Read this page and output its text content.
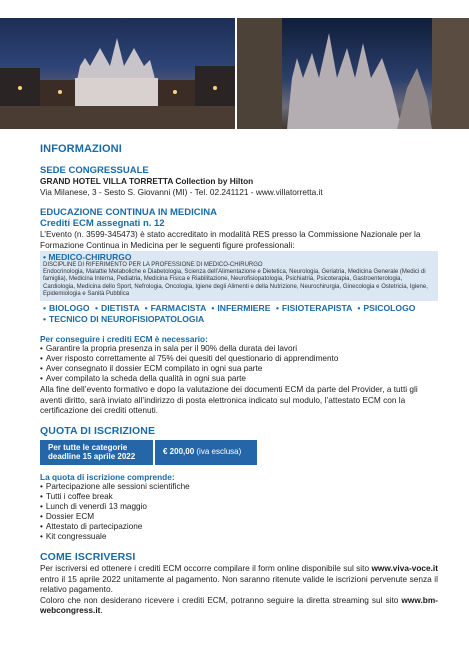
INFORMAZIONI
SEDE CONGRESSUALE
GRAND HOTEL VILLA TORRETTA Collection by Hilton
Via Milanese, 3 - Sesto S. Giovanni (MI) - Tel. 02.241121 - www.villatorretta.it
EDUCAZIONE CONTINUA IN MEDICINA
Crediti ECM assegnati n. 12
L’Evento (n. 3599-345473) è stato accreditato in modalità RES presso la Commissione Nazionale per la Formazione Continua in Medicina per le seguenti figure professionali:
• MEDICO-CHIRURGO
DISCIPLINE DI RIFERIMENTO PER LA PROFESSIONE DI MEDICO-CHIRURGO
Endocrinologia, Malattie Metaboliche e Diabetologia, Scienza dell’Alimentazione e Dietetica, Neurologia, Geriatria, Medicina Generale (Medici di famiglia), Medicina Interna, Pediatria, Medicina Fisica e Riabilitazione, Neurofisiopatologia, Psichiatria, Psicoterapia, Gastroenterologia, Cardiologia, Medicina dello Sport, Nefrologia, Oncologia, Igiene degli Alimenti e della Nutrizione, Neurochirurgia, Ginecologia e Ostetricia, Igiene, Epidemiologia e Sanità Pubblica
• BIOLOGO • DIETISTA • FARMACISTA • INFERMIERE • FISIOTERAPISTA • PSICOLOGO
• TECNICO DI NEUROFISIOPATOLOGIA
Per conseguire i crediti ECM è necessario:
• Garantire la propria presenza in sala per il 90% della durata dei lavori
• Aver risposto correttamente al 75% dei quesiti del questionario di apprendimento
• Aver consegnato il dossier ECM compilato in ogni sua parte
• Aver compilato la scheda della qualità in ogni sua parte
Alla fine dell’evento formativo e dopo la valutazione dei documenti ECM da parte del Provider, a tutti gli aventi diritto, sarà inviato all’indirizzo di posta elettronica indicato sul modulo, l’attestato ECM con la certificazione dei crediti ottenuti.
QUOTA DI ISCRIZIONE
Per tutte le categorie
deadline 15 aprile 2022
€ 200,00
(iva esclusa)
La quota di iscrizione comprende:
• Partecipazione alle sessioni scientifiche
• Tutti i coffee break
• Lunch di venerdì 13 maggio
• Dossier ECM
• Attestato di partecipazione
• Kit congressuale
COME ISCRIVERSI
Per iscriversi ed ottenere i crediti ECM occorre compilare il form online disponibile sul sito www.viva-voce.it entro il 15 aprile 2022 unitamente al pagamento. Non saranno ritenute valide le iscrizioni pervenute senza il relativo pagamento.
Coloro che non desiderano ricevere i crediti ECM, potranno seguire la diretta streaming sul sito www.bm-webcongress.it.
